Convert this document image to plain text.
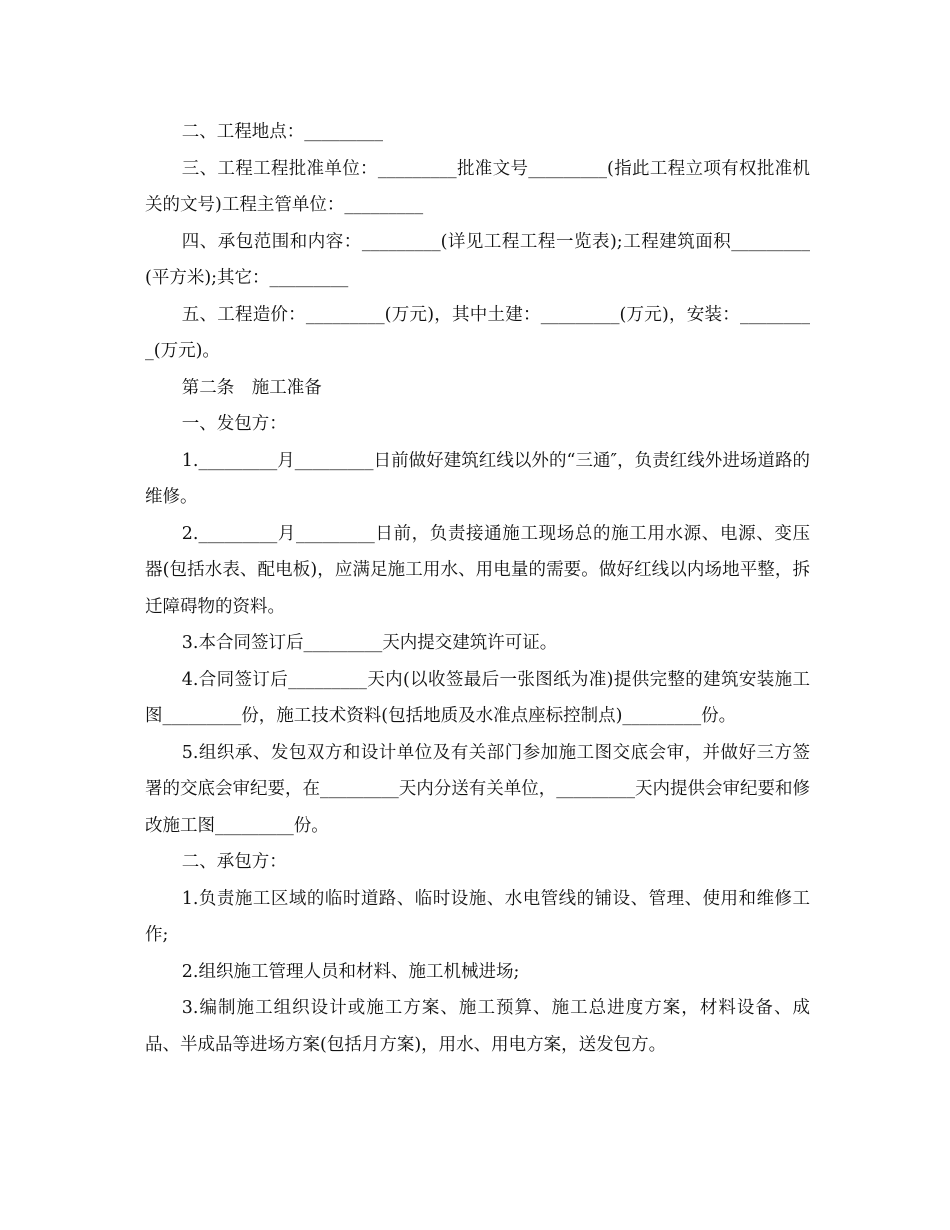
二、工程地点：_________

三、工程工程批准单位：_________批准文号_________(指此工程立项有权批准机关的文号)工程主管单位：_________

四、承包范围和内容：_________(详见工程工程一览表);工程建筑面积_________(平方米);其它：_________

五、工程造价：_________(万元)，其中土建：_________(万元)，安装：_________(万元)。

第二条　施工准备

一、发包方：

1._________月_________日前做好建筑红线以外的“三通″，负责红线外进场道路的维修。

2._________月_________日前，负责接通施工现场总的施工用水源、电源、变压器(包括水表、配电板)，应满足施工用水、用电量的需要。做好红线以内场地平整，拆迁障碍物的资料。

3.本合同签订后_________天内提交建筑许可证。

4.合同签订后_________天内(以收签最后一张图纸为准)提供完整的建筑安装施工图_________份，施工技术资料(包括地质及水准点座标控制点)_________份。

5.组织承、发包双方和设计单位及有关部门参加施工图交底会审，并做好三方签署的交底会审纪要，在_________天内分送有关单位，_________天内提供会审纪要和修改施工图_________份。

二、承包方：

1.负责施工区域的临时道路、临时设施、水电管线的铺设、管理、使用和维修工作;

2.组织施工管理人员和材料、施工机械进场;

3.编制施工组织设计或施工方案、施工预算、施工总进度方案，材料设备、成品、半成品等进场方案(包括月方案)，用水、用电方案，送发包方。
